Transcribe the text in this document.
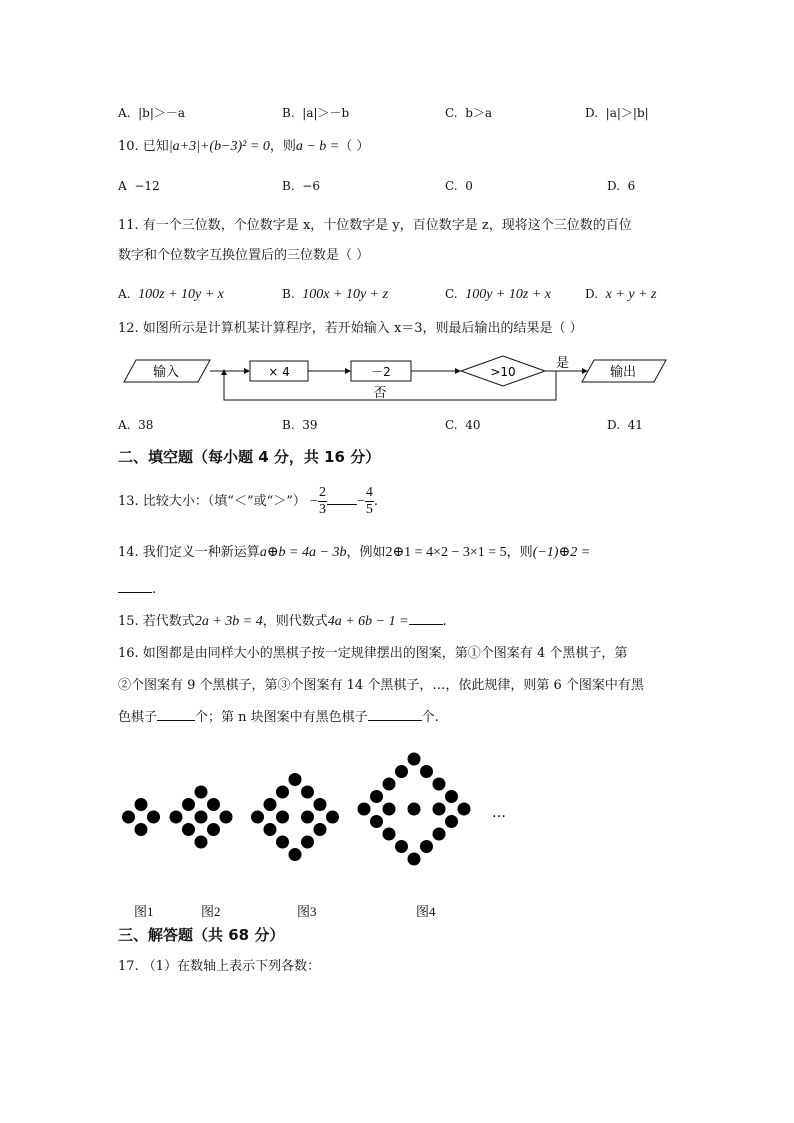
A. |b|＞－a	B. |a|＞－b	C. b＞a	D. |a|＞|b|
10. 已知|a+3|+(b−3)² = 0，则a − b =（ ）
A −12	B. −6	C. 0	D. 6
11. 有一个三位数，个位数字是 x，十位数字是 y，百位数字是 z，现将这个三位数的百位
数字和个位数字互换位置后的三位数是（ ）
A. 100z + 10y + x	B. 100x + 10y + z	C. 100y + 10z + x	D. x + y + z
12. 如图所示是计算机某计算程序，若开始输入 x＝3，则最后输出的结果是（ ）
输入	× 4	－2	>10
是
输出
否
A. 38	B. 39	C. 40	D. 41
二、填空题（每小题 4 分，共 16 分）
13. 比较大小：（填“＜”或“＞”） − $\frac{2}{3} - \frac{4}{5}$ .
14. 我们定义一种新运算a⊕b = 4a − 3b，例如2⊕1 = 4×2 − 3×1 = 5，则(−1)⊕2 =
.
15. 若代数式2a + 3b = 4，则代数式4a + 6b − 1 =	.
16. 如图都是由同样大小的黑棋子按一定规律摆出的图案，第①个图案有 4 个黑棋子，第
②个图案有 9 个黑棋子，第③个图案有 14 个黑棋子，…，依此规律，则第 6 个图案中有黑
色棋子	个；第 n 块图案中有黑色棋子	个.
…
图1	图2	图3	图4
三、解答题（共 68 分）
17. （1）在数轴上表示下列各数：
